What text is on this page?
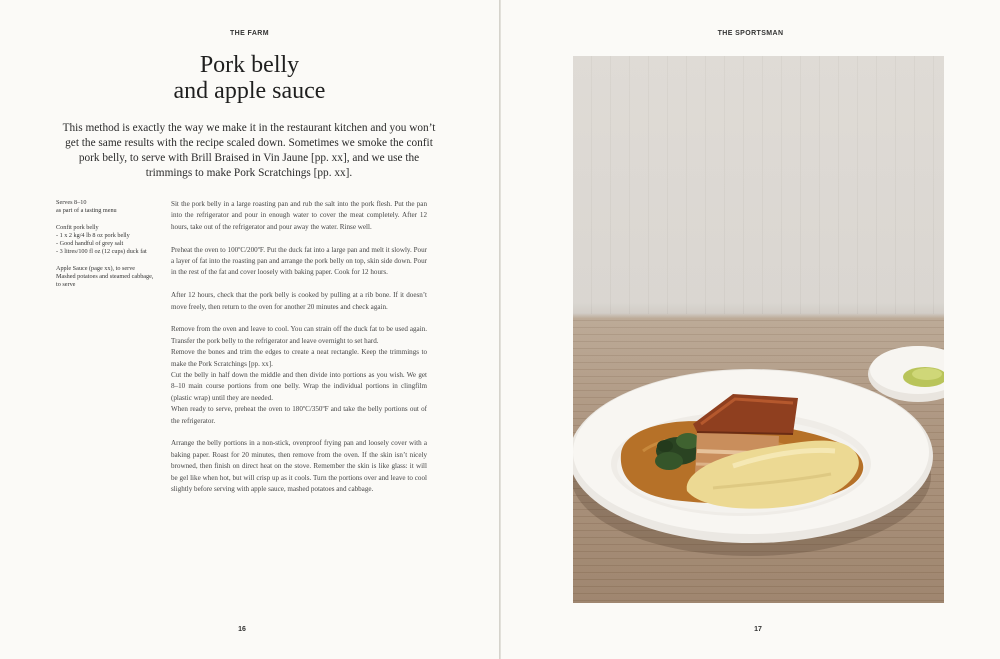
THE FARM
Pork belly
and apple sauce
This method is exactly the way we make it in the restaurant kitchen and you won’t get the same results with the recipe scaled down. Sometimes we smoke the confit pork belly, to serve with Brill Braised in Vin Jaune [pp. xx], and we use the trimmings to make Pork Scratchings [pp. xx].

Serves 8–10
as part of a tasting menu

Confit pork belly
- 1 x 2 kg/4 lb 8 oz pork belly
- Good handful of grey salt
- 3 litres/100 fl oz (12 cups) duck fat

Apple Sauce (page xx), to serve
Mashed potatoes and steamed cabbage, to serve

Sit the pork belly in a large roasting pan and rub the salt into the pork flesh. Put the pan into the refrigerator and pour in enough water to cover the meat completely. After 12 hours, take out of the refrigerator and pour away the water. Rinse well.

Preheat the oven to 100ºC/200ºF. Put the duck fat into a large pan and melt it slowly. Pour a layer of fat into the roasting pan and arrange the pork belly on top, skin side down. Pour in the rest of the fat and cover loosely with baking paper. Cook for 12 hours.

After 12 hours, check that the pork belly is cooked by pulling at a rib bone. If it doesn’t move freely, then return to the oven for another 20 minutes and check again.

Remove from the oven and leave to cool. You can strain off the duck fat to be used again. Transfer the pork belly to the refrigerator and leave overnight to set hard.
Remove the bones and trim the edges to create a neat rectangle. Keep the trimmings to make the Pork Scratchings [pp. xx].
Cut the belly in half down the middle and then divide into portions as you wish. We get 8–10 main course portions from one belly. Wrap the individual portions in clingfilm (plastic wrap) until they are needed.
When ready to serve, preheat the oven to 180ºC/350ºF and take the belly portions out of the refrigerator.

Arrange the belly portions in a non-stick, ovenproof frying pan and loosely cover with a baking paper. Roast for 20 minutes, then remove from the oven. If the skin isn’t nicely browned, then finish on direct heat on the stove. Remember the skin is like glass: it will be gel like when hot, but will crisp up as it cools. Turn the portions over and leave to cool slightly before serving with apple sauce, mashed potatoes and cabbage.

16
THE SPORTSMAN
17
